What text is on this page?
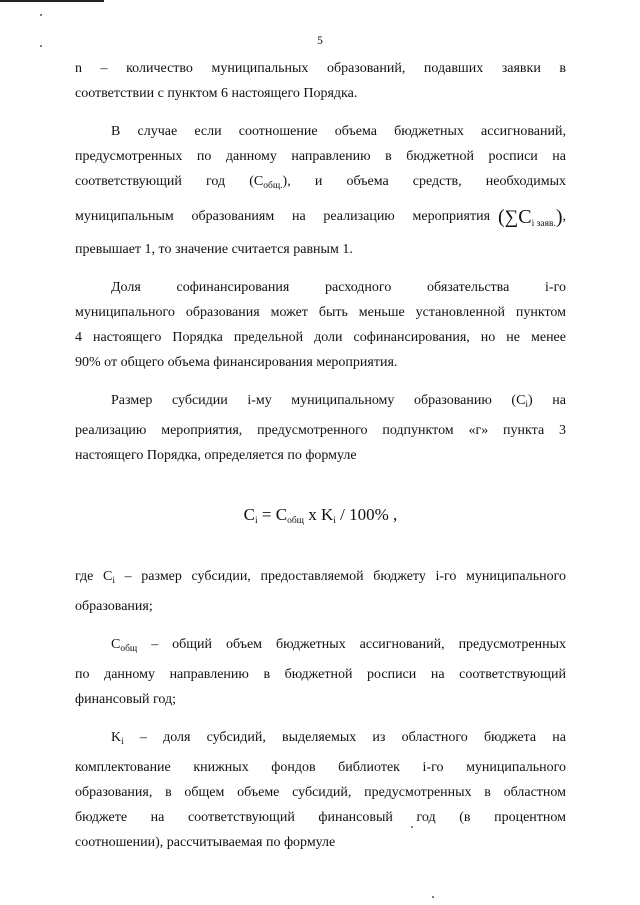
5

n – количество муниципальных образований, подавших заявки в

соответствии с пунктом 6 настоящего Порядка.

В случае если соотношение объема бюджетных ассигнований,

предусмотренных по данному направлению в бюджетной росписи на

соответствующий год $(С_{общ.})$, и объема средств, необходимых

муниципальным образованиям на реализацию мероприятия $(\sum C_{i заяв.})$,

превышает 1, то значение считается равным 1.

Доля софинансирования расходного обязательства i-го

муниципального образования может быть меньше установленной пунктом

4 настоящего Порядка предельной доли софинансирования, но не менее

90% от общего объема финансирования мероприятия.

Размер субсидии i-му муниципальному образованию $(С_i)$ на

реализацию мероприятия, предусмотренного подпунктом «г» пункта 3

настоящего Порядка, определяется по формуле

$С_i = С_{общ}$ x $K_i / 100\%$ ,

где $С_i$ – размер субсидии, предоставляемой бюджету i-го муниципального

образования;

$С_{общ}$ – общий объем бюджетных ассигнований, предусмотренных

по данному направлению в бюджетной росписи на соответствующий

финансовый год;

$K_i$ – доля субсидий, выделяемых из областного бюджета на

комплектование книжных фондов библиотек i-го муниципального

образования, в общем объеме субсидий, предусмотренных в областном

бюджете на соответствующий финансовый год (в процентном

соотношении), рассчитываемая по формуле
